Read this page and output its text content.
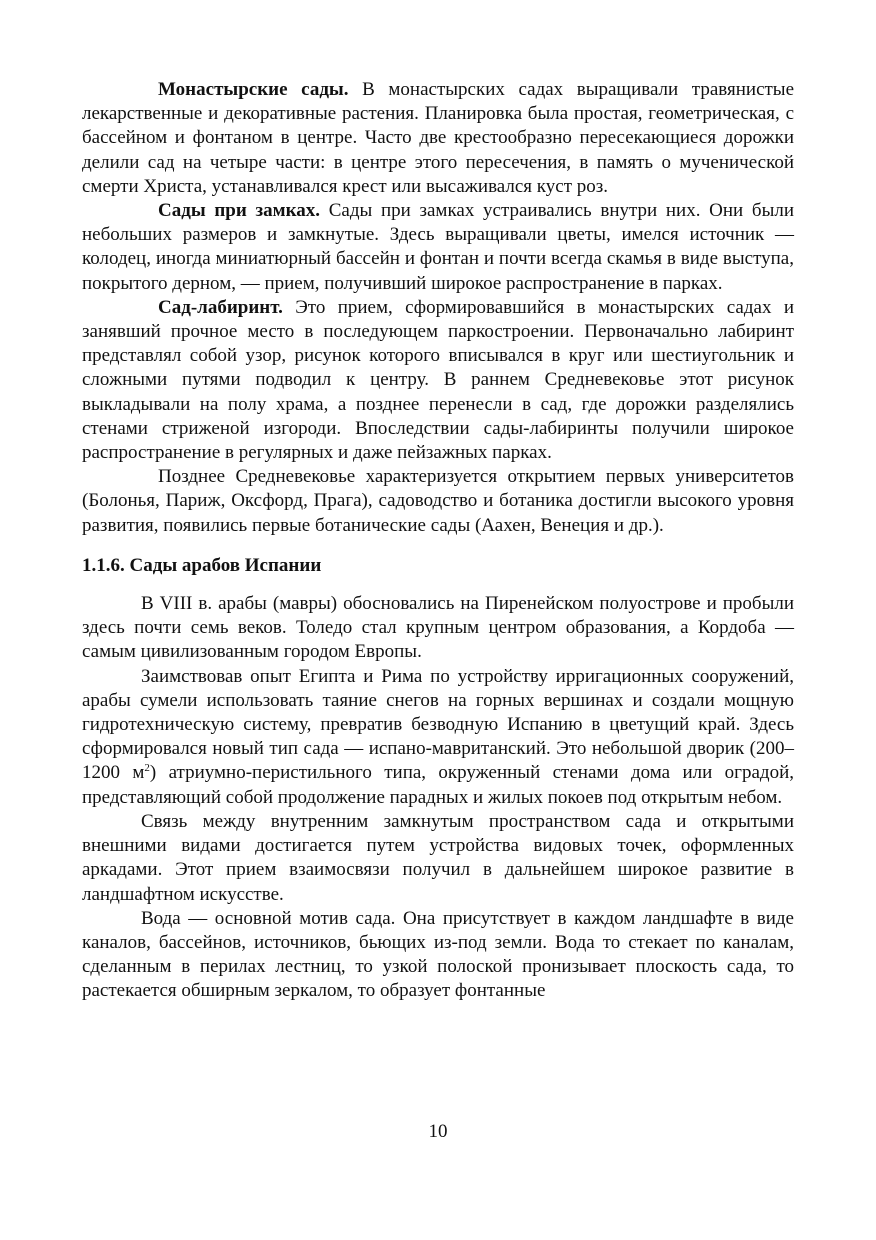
Монастырские сады. В монастырских садах выращивали травянистые лекарственные и декоративные растения. Планировка была простая, геометрическая, с бассейном и фонтаном в центре. Часто две крестообразно пересекающиеся дорожки делили сад на четыре части: в центре этого пересечения, в память о мученической смерти Христа, устанавливался крест или высаживался куст роз.

Сады при замках. Сады при замках устраивались внутри них. Они были небольших размеров и замкнутые. Здесь выращивали цветы, имелся источник — колодец, иногда миниатюрный бассейн и фонтан и почти всегда скамья в виде выступа, покрытого дерном, — прием, получивший широкое распространение в парках.

Сад-лабиринт. Это прием, сформировавшийся в монастырских садах и занявший прочное место в последующем паркостроении. Первоначально лабиринт представлял собой узор, рисунок которого вписывался в круг или шестиугольник и сложными путями подводил к центру. В раннем Средневековье этот рисунок выкладывали на полу храма, а позднее перенесли в сад, где дорожки разделялись стенами стриженой изгороди. Впоследствии сады-лабиринты получили широкое распространение в регулярных и даже пейзажных парках.

Позднее Средневековье характеризуется открытием первых университетов (Болонья, Париж, Оксфорд, Прага), садоводство и ботаника достигли высокого уровня развития, появились первые ботанические сады (Аахен, Венеция и др.).

1.1.6. Сады арабов Испании

В VIII в. арабы (мавры) обосновались на Пиренейском полуострове и пробыли здесь почти семь веков. Толедо стал крупным центром образования, а Кордоба — самым цивилизованным городом Европы.

Заимствовав опыт Египта и Рима по устройству ирригационных сооружений, арабы сумели использовать таяние снегов на горных вершинах и создали мощную гидротехническую систему, превратив безводную Испанию в цветущий край. Здесь сформировался новый тип сада — испано-мавританский. Это небольшой дворик (200–1200 $м^2$) атриумно-перистильного типа, окруженный стенами дома или оградой, представляющий собой продолжение парадных и жилых покоев под открытым небом.

Связь между внутренним замкнутым пространством сада и открытыми внешними видами достигается путем устройства видовых точек, оформленных аркадами. Этот прием взаимосвязи получил в дальнейшем широкое развитие в ландшафтном искусстве.

Вода — основной мотив сада. Она присутствует в каждом ландшафте в виде каналов, бассейнов, источников, бьющих из-под земли. Вода то стекает по каналам, сделанным в перилах лестниц, то узкой полоской пронизывает плоскость сада, то растекается обширным зеркалом, то образует фонтанные

10
